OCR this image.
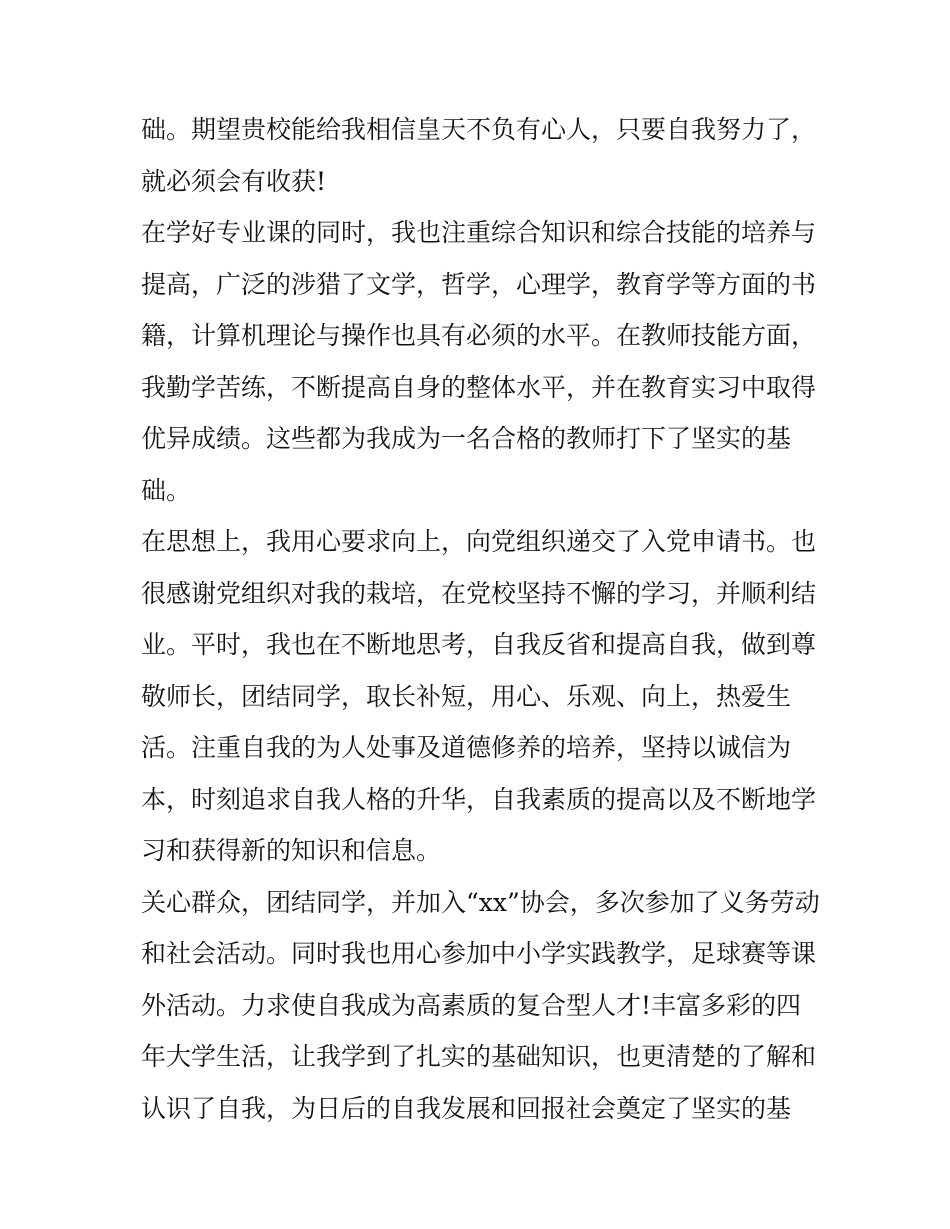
础。期望贵校能给我相信皇天不负有心人，只要自我努力了，
就必须会有收获!
在学好专业课的同时，我也注重综合知识和综合技能的培养与
提高，广泛的涉猎了文学，哲学，心理学，教育学等方面的书
籍，计算机理论与操作也具有必须的水平。在教师技能方面，
我勤学苦练，不断提高自身的整体水平，并在教育实习中取得
优异成绩。这些都为我成为一名合格的教师打下了坚实的基
础。
在思想上，我用心要求向上，向党组织递交了入党申请书。也
很感谢党组织对我的栽培，在党校坚持不懈的学习，并顺利结
业。平时，我也在不断地思考，自我反省和提高自我，做到尊
敬师长，团结同学，取长补短，用心、乐观、向上，热爱生
活。注重自我的为人处事及道德修养的培养，坚持以诚信为
本，时刻追求自我人格的升华，自我素质的提高以及不断地学
习和获得新的知识和信息。
关心群众，团结同学，并加入“xx”协会，多次参加了义务劳动
和社会活动。同时我也用心参加中小学实践教学，足球赛等课
外活动。力求使自我成为高素质的复合型人才!丰富多彩的四
年大学生活，让我学到了扎实的基础知识，也更清楚的了解和
认识了自我，为日后的自我发展和回报社会奠定了坚实的基
